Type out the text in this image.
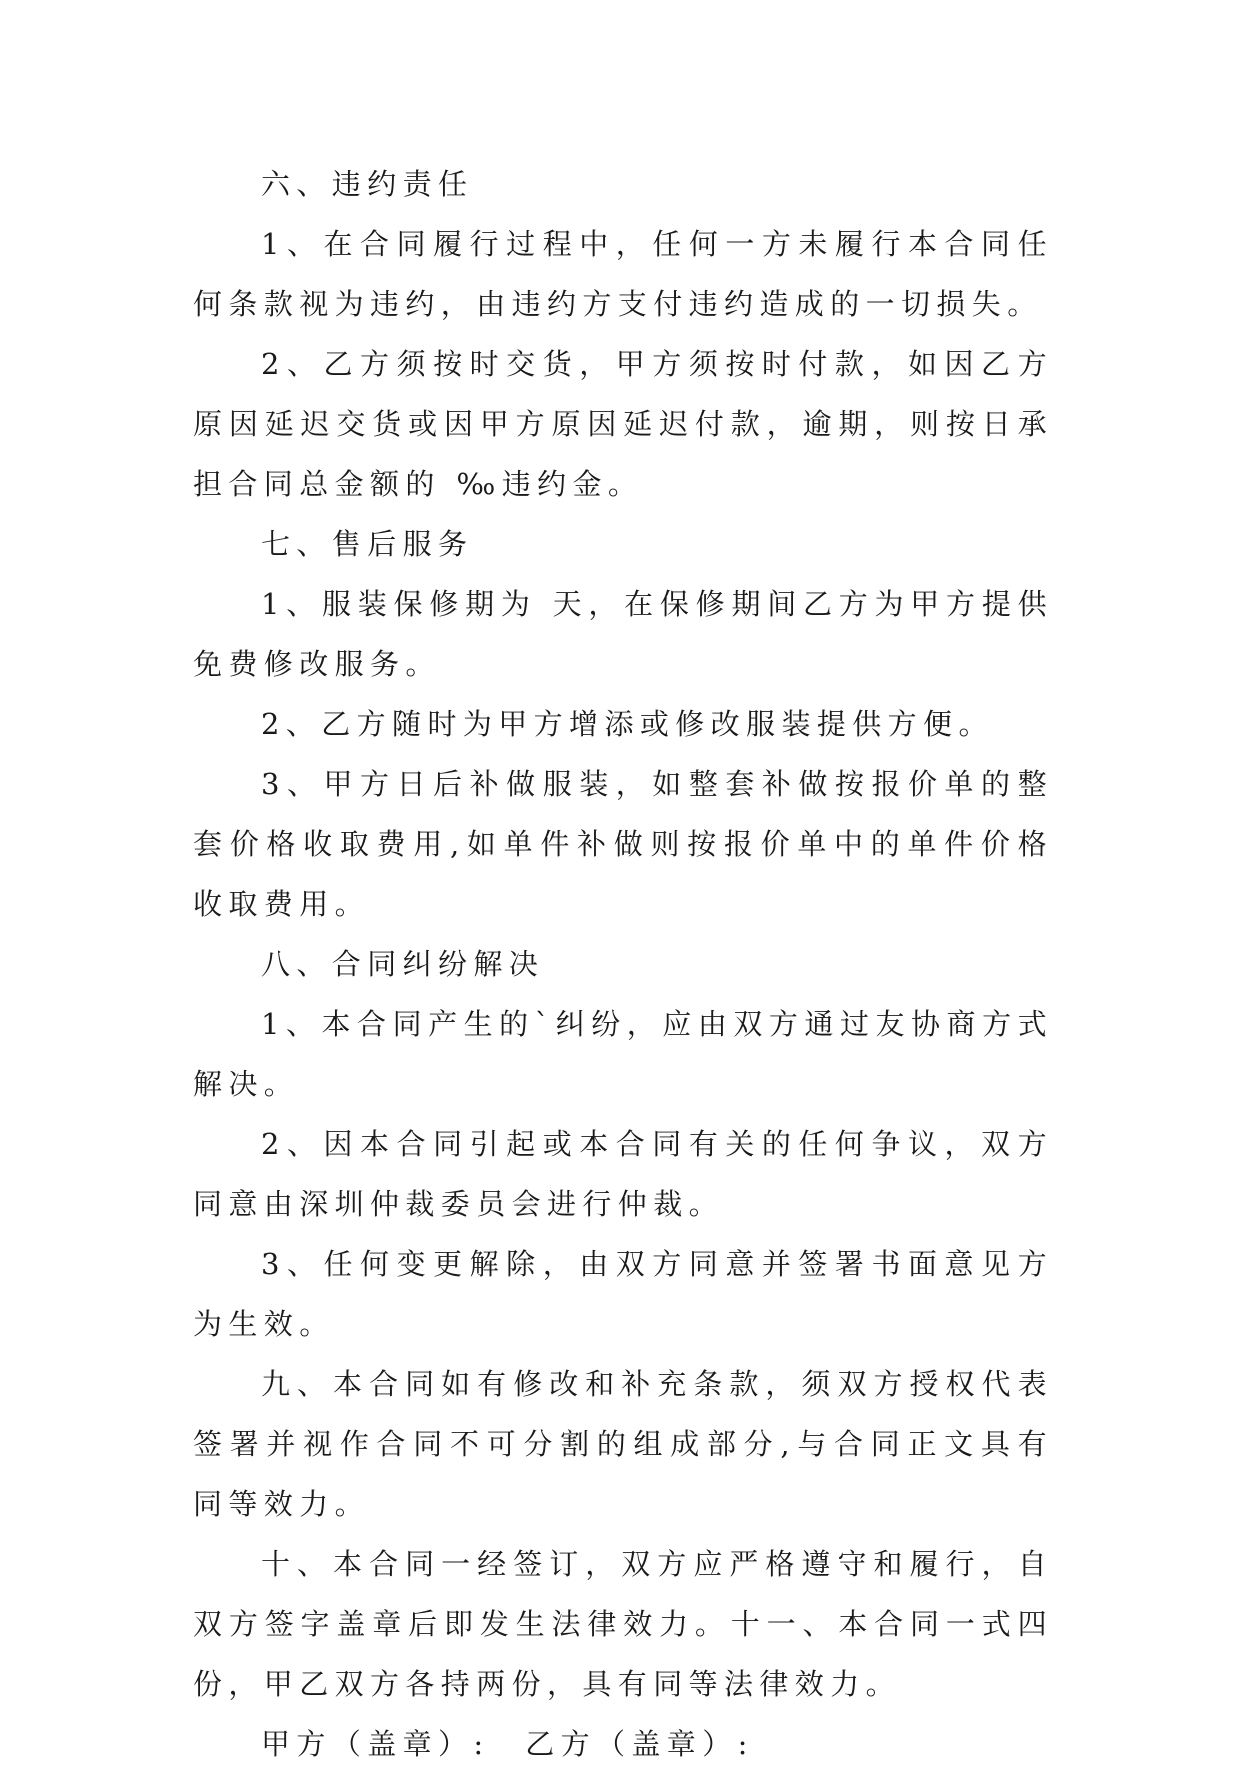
六、违约责任

1、在合同履行过程中，任何一方未履行本合同任何条款视为违约，由违约方支付违约造成的一切损失。

2、乙方须按时交货，甲方须按时付款，如因乙方原因延迟交货或因甲方原因延迟付款，逾期，则按日承担合同总金额的 ‰违约金。

七、售后服务

1、服装保修期为 天，在保修期间乙方为甲方提供免费修改服务。

2、乙方随时为甲方增添或修改服装提供方便。

3、甲方日后补做服装，如整套补做按报价单的整套价格收取费用,如单件补做则按报价单中的单件价格收取费用。

八、合同纠纷解决

1、本合同产生的`纠纷，应由双方通过友协商方式解决。

2、因本合同引起或本合同有关的任何争议，双方同意由深圳仲裁委员会进行仲裁。

3、任何变更解除，由双方同意并签署书面意见方为生效。

九、本合同如有修改和补充条款，须双方授权代表签署并视作合同不可分割的组成部分,与合同正文具有同等效力。

十、本合同一经签订，双方应严格遵守和履行，自双方签字盖章后即发生法律效力。十一、本合同一式四份，甲乙双方各持两份，具有同等法律效力。

甲方（盖章）: 乙方（盖章）:
